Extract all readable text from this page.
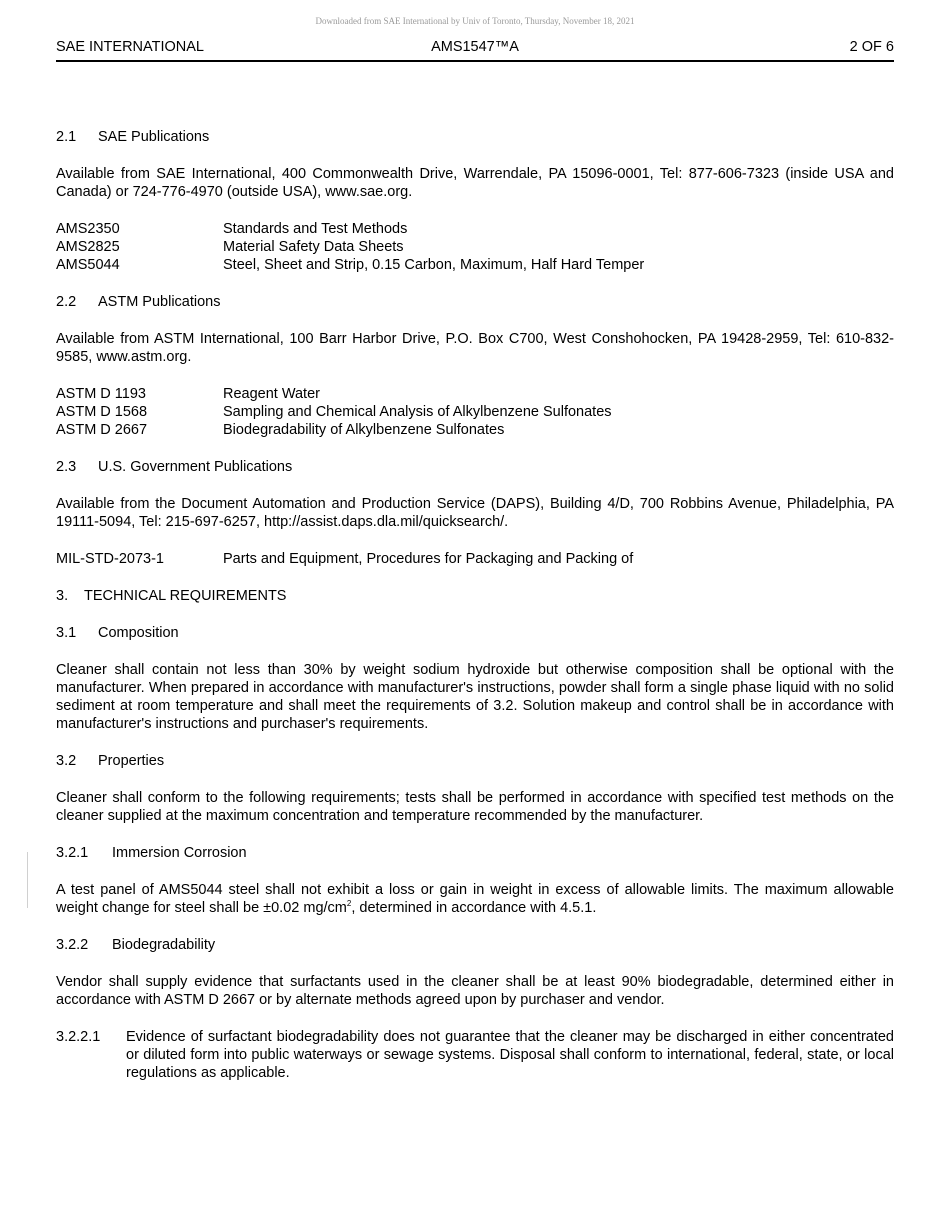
Downloaded from SAE International by Univ of Toronto, Thursday, November 18, 2021
SAE INTERNATIONAL	AMS1547™A	2 OF 6
2.1 SAE Publications

Available from SAE International, 400 Commonwealth Drive, Warrendale, PA 15096-0001, Tel: 877-606-7323 (inside USA and Canada) or 724-776-4970 (outside USA), www.sae.org.

AMS2350	Standards and Test Methods
AMS2825	Material Safety Data Sheets
AMS5044	Steel, Sheet and Strip, 0.15 Carbon, Maximum, Half Hard Temper
2.2 ASTM Publications

Available from ASTM International, 100 Barr Harbor Drive, P.O. Box C700, West Conshohocken, PA 19428-2959, Tel: 610-832-9585, www.astm.org.

ASTM D 1193	Reagent Water
ASTM D 1568	Sampling and Chemical Analysis of Alkylbenzene Sulfonates
ASTM D 2667	Biodegradability of Alkylbenzene Sulfonates
2.3 U.S. Government Publications

Available from the Document Automation and Production Service (DAPS), Building 4/D, 700 Robbins Avenue, Philadelphia, PA 19111-5094, Tel: 215-697-6257, http://assist.daps.dla.mil/quicksearch/.

MIL-STD-2073-1	Parts and Equipment, Procedures for Packaging and Packing of
3. TECHNICAL REQUIREMENTS
3.1 Composition

Cleaner shall contain not less than 30% by weight sodium hydroxide but otherwise composition shall be optional with the manufacturer. When prepared in accordance with manufacturer's instructions, powder shall form a single phase liquid with no solid sediment at room temperature and shall meet the requirements of 3.2. Solution makeup and control shall be in accordance with manufacturer's instructions and purchaser's requirements.

3.2 Properties

Cleaner shall conform to the following requirements; tests shall be performed in accordance with specified test methods on the cleaner supplied at the maximum concentration and temperature recommended by the manufacturer.

3.2.1 Immersion Corrosion

A test panel of AMS5044 steel shall not exhibit a loss or gain in weight in excess of allowable limits. The maximum allowable weight change for steel shall be ±0.02 $mg/cm^2$, determined in accordance with 4.5.1.

3.2.2 Biodegradability

Vendor shall supply evidence that surfactants used in the cleaner shall be at least 90% biodegradable, determined either in accordance with ASTM D 2667 or by alternate methods agreed upon by purchaser and vendor.

3.2.2.1	Evidence of surfactant biodegradability does not guarantee that the cleaner may be discharged in either concentrated or diluted form into public waterways or sewage systems. Disposal shall conform to international, federal, state, or local regulations as applicable.
